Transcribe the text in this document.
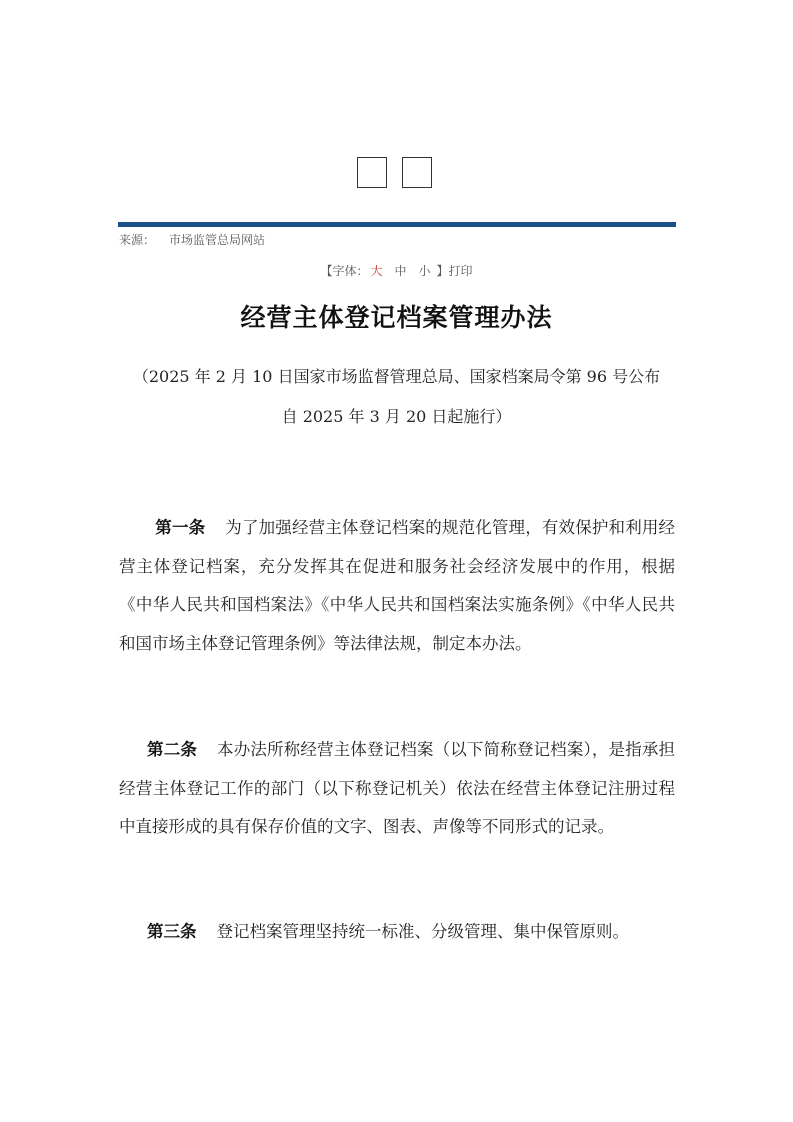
来源： 市场监管总局网站
【字体： 大 中 小 】打印
经营主体登记档案管理办法
（2025 年 2 月 10 日国家市场监督管理总局、国家档案局令第 96 号公布
自 2025 年 3 月 20 日起施行）
第一条 为了加强经营主体登记档案的规范化管理，有效保护和利用经营主体登记档案，充分发挥其在促进和服务社会经济发展中的作用，根据《中华人民共和国档案法》《中华人民共和国档案法实施条例》《中华人民共和国市场主体登记管理条例》等法律法规，制定本办法。
第二条 本办法所称经营主体登记档案（以下简称登记档案），是指承担经营主体登记工作的部门（以下称登记机关）依法在经营主体登记注册过程中直接形成的具有保存价值的文字、图表、声像等不同形式的记录。
第三条 登记档案管理坚持统一标准、分级管理、集中保管原则。
